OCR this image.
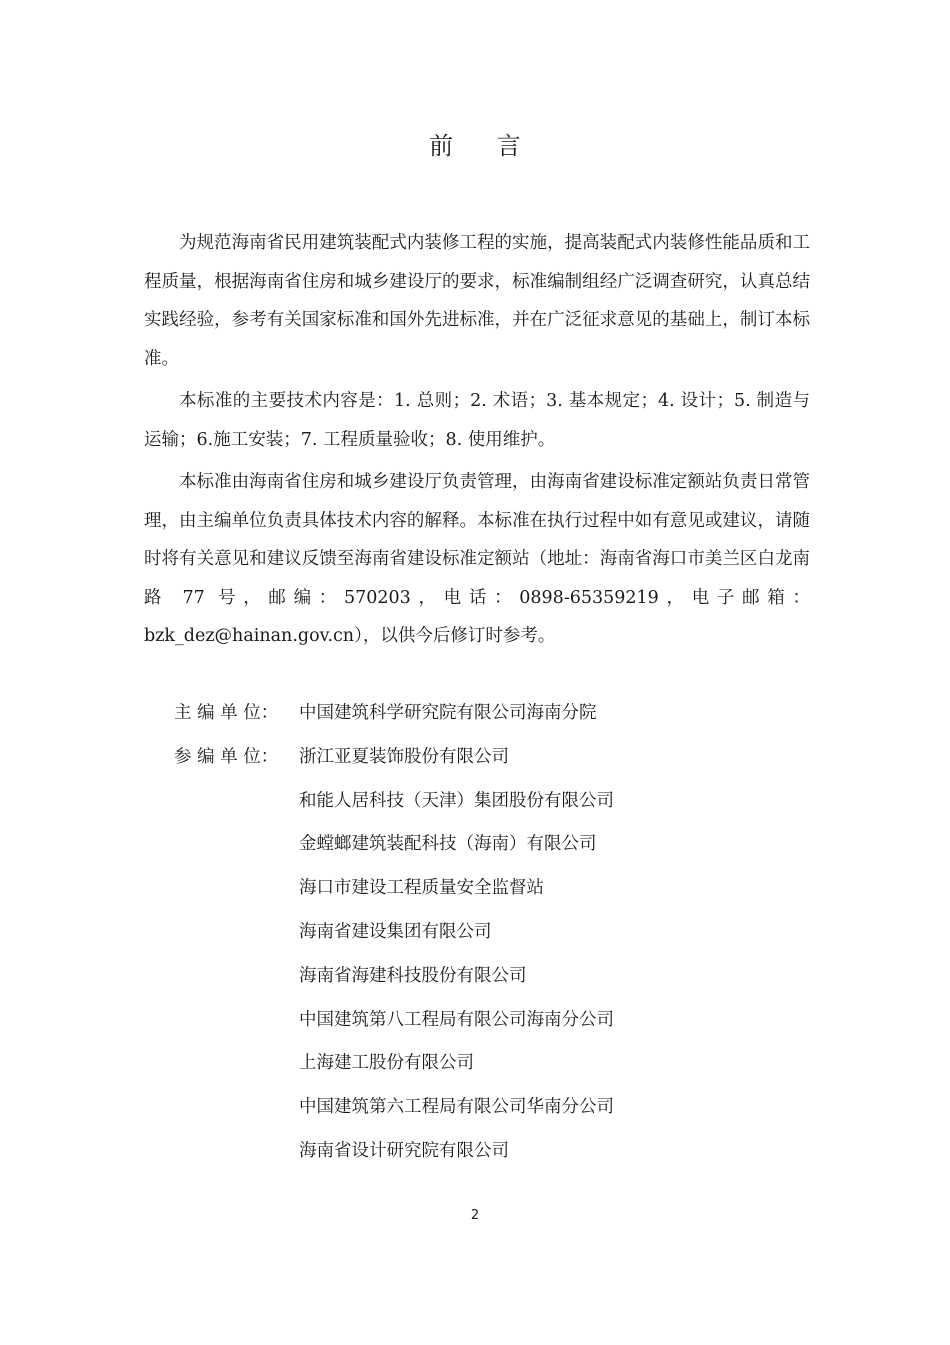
前 言

为规范海南省民用建筑装配式内装修工程的实施，提高装配式内装修性能品质和工程质量，根据海南省住房和城乡建设厅的要求，标准编制组经广泛调查研究，认真总结实践经验，参考有关国家标准和国外先进标准，并在广泛征求意见的基础上，制订本标准。

本标准的主要技术内容是：1. 总则；2. 术语；3. 基本规定；4. 设计；5. 制造与运输；6.施工安装；7. 工程质量验收；8. 使用维护。

本标准由海南省住房和城乡建设厅负责管理，由海南省建设标准定额站负责日常管理，由主编单位负责具体技术内容的解释。本标准在执行过程中如有意见或建议，请随时将有关意见和建议反馈至海南省建设标准定额站（地址：海南省海口市美兰区白龙南路 77 号，邮编：570203，电话：0898-65359219，电子邮箱：bzk_dez@hainan.gov.cn），以供今后修订时参考。

主 编 单 位：	中国建筑科学研究院有限公司海南分院
参 编 单 位：	浙江亚夏装饰股份有限公司
和能人居科技（天津）集团股份有限公司
金螳螂建筑装配科技（海南）有限公司
海口市建设工程质量安全监督站
海南省建设集团有限公司
海南省海建科技股份有限公司
中国建筑第八工程局有限公司海南分公司
上海建工股份有限公司
中国建筑第六工程局有限公司华南分公司
海南省设计研究院有限公司
2
